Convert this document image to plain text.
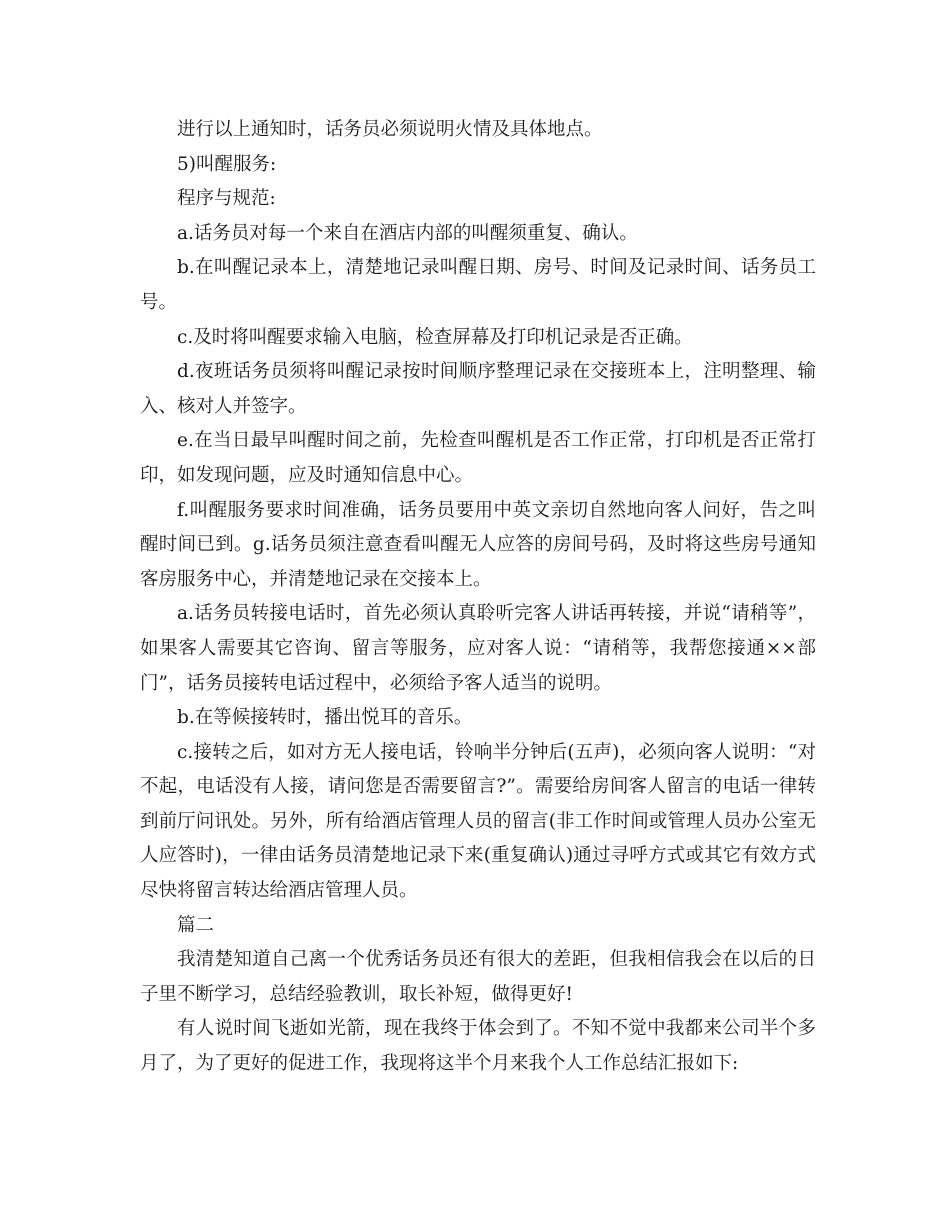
进行以上通知时，话务员必须说明火情及具体地点。

5)叫醒服务:

程序与规范:

a.话务员对每一个来自在酒店内部的叫醒须重复、确认。

b.在叫醒记录本上，清楚地记录叫醒日期、房号、时间及记录时间、话务员工号。

c.及时将叫醒要求输入电脑，检查屏幕及打印机记录是否正确。

d.夜班话务员须将叫醒记录按时间顺序整理记录在交接班本上，注明整理、输入、核对人并签字。

e.在当日最早叫醒时间之前，先检查叫醒机是否工作正常，打印机是否正常打印，如发现问题，应及时通知信息中心。

f.叫醒服务要求时间准确，话务员要用中英文亲切自然地向客人问好，告之叫醒时间已到。g.话务员须注意查看叫醒无人应答的房间号码，及时将这些房号通知客房服务中心，并清楚地记录在交接本上。

a.话务员转接电话时，首先必须认真聆听完客人讲话再转接，并说“请稍等”，如果客人需要其它咨询、留言等服务，应对客人说：“请稍等，我帮您接通××部门”，话务员接转电话过程中，必须给予客人适当的说明。

b.在等候接转时，播出悦耳的音乐。

c.接转之后，如对方无人接电话，铃响半分钟后(五声)，必须向客人说明：“对不起，电话没有人接，请问您是否需要留言?”。需要给房间客人留言的电话一律转到前厅问讯处。另外，所有给酒店管理人员的留言(非工作时间或管理人员办公室无人应答时)，一律由话务员清楚地记录下来(重复确认)通过寻呼方式或其它有效方式尽快将留言转达给酒店管理人员。

篇二

我清楚知道自己离一个优秀话务员还有很大的差距，但我相信我会在以后的日子里不断学习，总结经验教训，取长补短，做得更好!

有人说时间飞逝如光箭，现在我终于体会到了。不知不觉中我都来公司半个多月了，为了更好的促进工作，我现将这半个月来我个人工作总结汇报如下:
